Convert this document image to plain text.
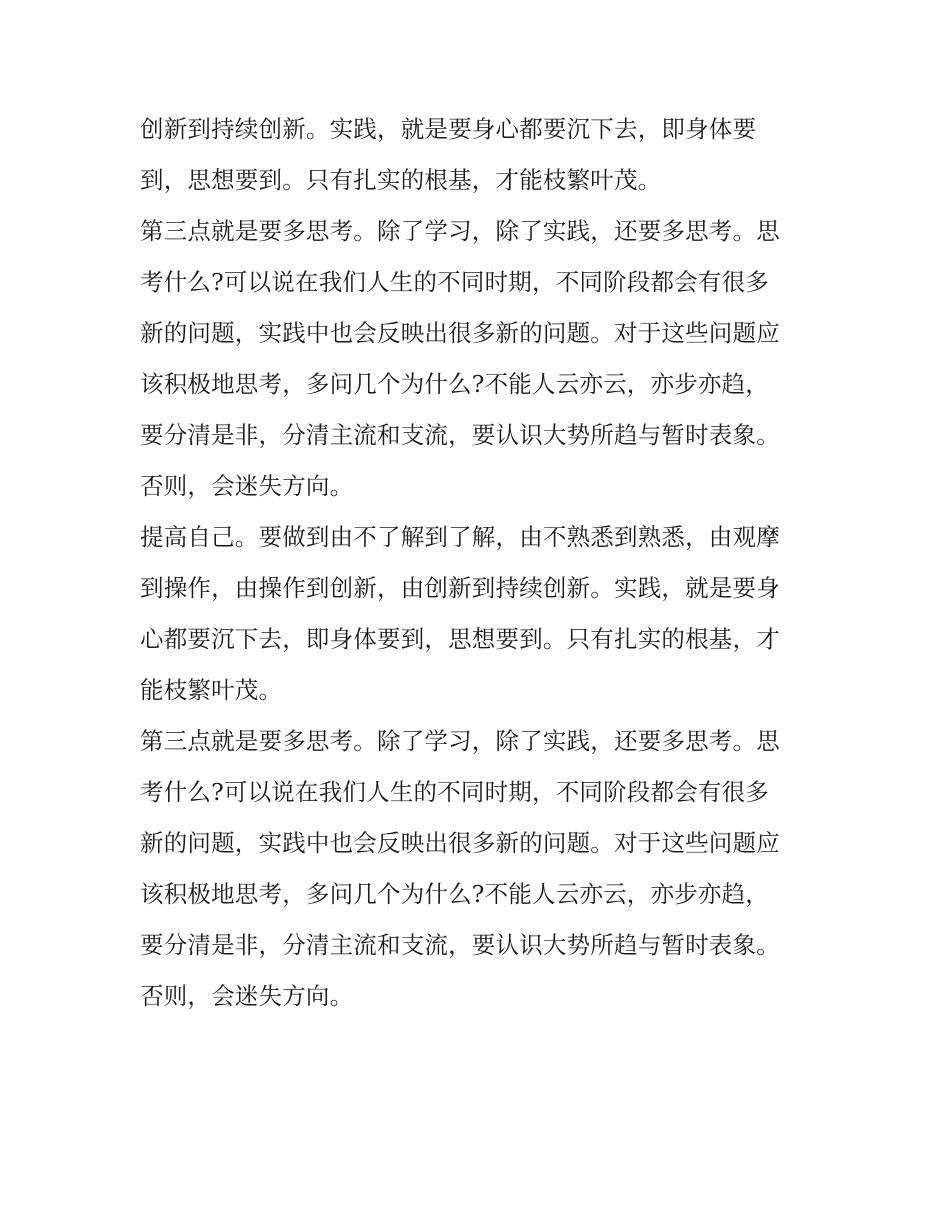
创新到持续创新。实践，就是要身心都要沉下去，即身体要
到，思想要到。只有扎实的根基，才能枝繁叶茂。
第三点就是要多思考。除了学习，除了实践，还要多思考。思
考什么?可以说在我们人生的不同时期，不同阶段都会有很多
新的问题，实践中也会反映出很多新的问题。对于这些问题应
该积极地思考，多问几个为什么?不能人云亦云，亦步亦趋，
要分清是非，分清主流和支流，要认识大势所趋与暂时表象。
否则，会迷失方向。
提高自己。要做到由不了解到了解，由不熟悉到熟悉，由观摩
到操作，由操作到创新，由创新到持续创新。实践，就是要身
心都要沉下去，即身体要到，思想要到。只有扎实的根基，才
能枝繁叶茂。
第三点就是要多思考。除了学习，除了实践，还要多思考。思
考什么?可以说在我们人生的不同时期，不同阶段都会有很多
新的问题，实践中也会反映出很多新的问题。对于这些问题应
该积极地思考，多问几个为什么?不能人云亦云，亦步亦趋，
要分清是非，分清主流和支流，要认识大势所趋与暂时表象。
否则，会迷失方向。
